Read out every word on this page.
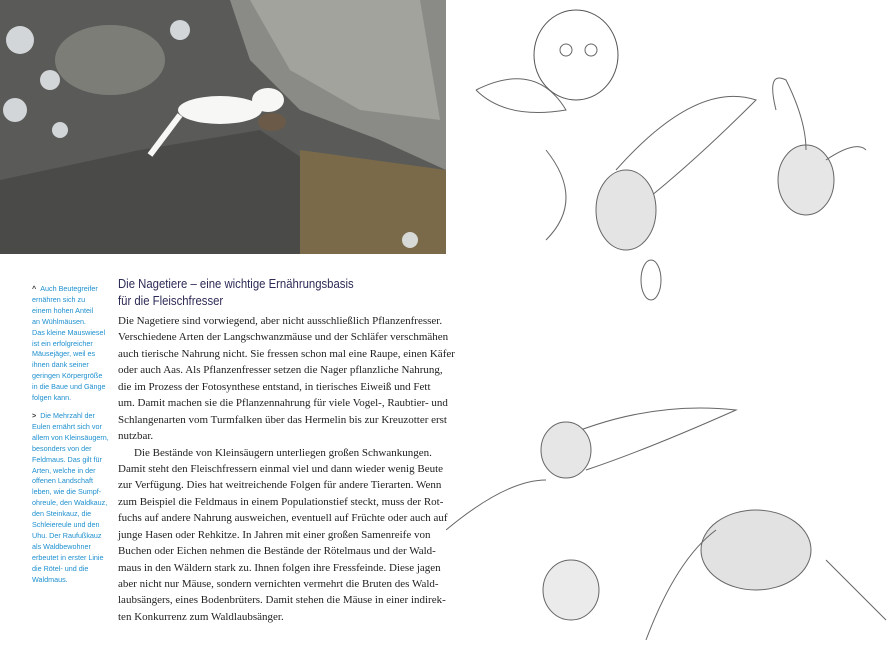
^ Auch Beutegreifer
ernähren sich zu
einem hohen Anteil
an Wühlmäusen.
Das kleine Mauswiesel
ist ein erfolgreicher
Mäusejäger, weil es
ihnen dank seiner
geringen Körpergröße
in die Baue und Gänge
folgen kann.
> Die Mehrzahl der
Eulen ernährt sich vor
allem von Kleinsäugern,
besonders von der
Feldmaus. Das gilt für
Arten, welche in der
offenen Landschaft
leben, wie die Sumpf-
ohreule, den Waldkauz,
den Steinkauz, die
Schleiereule und den
Uhu. Der Raufußkauz
als Waldbewohner
erbeutet in erster Linie
die Rötel- und die
Waldmaus.
Die Nagetiere – eine wichtige Ernährungsbasis
für die Fleischfresser
Die Nagetiere sind vorwiegend, aber nicht ausschließlich Pflanzenfresser.
Verschiedene Arten der Langschwanzmäuse und der Schläfer verschmähen
auch tierische Nahrung nicht. Sie fressen schon mal eine Raupe, einen Käfer
oder auch Aas. Als Pflanzenfresser setzen die Nager pflanzliche Nahrung,
die im Prozess der Fotosynthese entstand, in tierisches Eiweiß und Fett
um. Damit machen sie die Pflanzennahrung für viele Vogel-, Raubtier- und
Schlangenarten vom Turmfalken über das Hermelin bis zur Kreuzotter erst
nutzbar.
Die Bestände von Kleinsäugern unterliegen großen Schwankungen.
Damit steht den Fleischfressern einmal viel und dann wieder wenig Beute
zur Verfügung. Dies hat weitreichende Folgen für andere Tierarten. Wenn
zum Beispiel die Feldmaus in einem Populationstief steckt, muss der Rot-
fuchs auf andere Nahrung ausweichen, eventuell auf Früchte oder auch auf
junge Hasen oder Rehkitze. In Jahren mit einer großen Samenreife von
Buchen oder Eichen nehmen die Bestände der Rötelmaus und der Wald-
maus in den Wäldern stark zu. Ihnen folgen ihre Fressfeinde. Diese jagen
aber nicht nur Mäuse, sondern vernichten vermehrt die Bruten des Wald-
laubsängers, eines Bodenbrüters. Damit stehen die Mäuse in einer indirek-
ten Konkurrenz zum Waldlaubsänger.
